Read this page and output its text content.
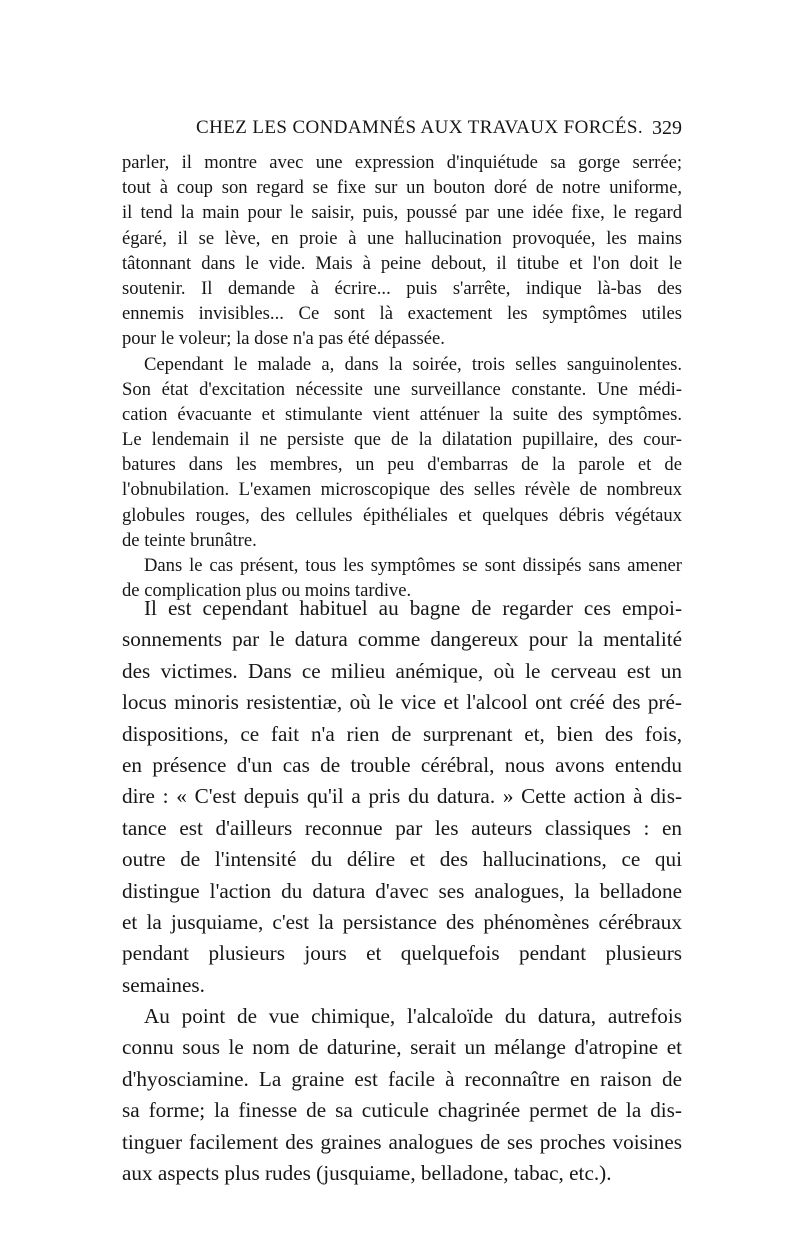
CHEZ LES CONDAMNÉS AUX TRAVAUX FORCÉS. 329

parler, il montre avec une expression d'inquiétude sa gorge serrée;
tout à coup son regard se fixe sur un bouton doré de notre uniforme,
il tend la main pour le saisir, puis, poussé par une idée fixe, le regard
égaré, il se lève, en proie à une hallucination provoquée, les mains
tâtonnant dans le vide. Mais à peine debout, il titube et l'on doit le
soutenir. Il demande à écrire... puis s'arrête, indique là-bas des
ennemis invisibles... Ce sont là exactement les symptômes utiles
pour le voleur; la dose n'a pas été dépassée.

Cependant le malade a, dans la soirée, trois selles sanguinolentes.
Son état d'excitation nécessite une surveillance constante. Une médi-
cation évacuante et stimulante vient atténuer la suite des symptômes.
Le lendemain il ne persiste que de la dilatation pupillaire, des cour-
batures dans les membres, un peu d'embarras de la parole et de
l'obnubilation. L'examen microscopique des selles révèle de nombreux
globules rouges, des cellules épithéliales et quelques débris végétaux
de teinte brunâtre.

Dans le cas présent, tous les symptômes se sont dissipés sans amener
de complication plus ou moins tardive.

Il est cependant habituel au bagne de regarder ces empoi-
sonnements par le datura comme dangereux pour la mentalité
des victimes. Dans ce milieu anémique, où le cerveau est un
locus minoris resistentiæ, où le vice et l'alcool ont créé des pré-
dispositions, ce fait n'a rien de surprenant et, bien des fois,
en présence d'un cas de trouble cérébral, nous avons entendu
dire : « C'est depuis qu'il a pris du datura. » Cette action à dis-
tance est d'ailleurs reconnue par les auteurs classiques : en
outre de l'intensité du délire et des hallucinations, ce qui
distingue l'action du datura d'avec ses analogues, la belladone
et la jusquiame, c'est la persistance des phénomènes cérébraux
pendant plusieurs jours et quelquefois pendant plusieurs
semaines.

Au point de vue chimique, l'alcaloïde du datura, autrefois
connu sous le nom de daturine, serait un mélange d'atropine et
d'hyosciamine. La graine est facile à reconnaître en raison de
sa forme; la finesse de sa cuticule chagrinée permet de la dis-
tinguer facilement des graines analogues de ses proches voisines
aux aspects plus rudes (jusquiame, belladone, tabac, etc.).
